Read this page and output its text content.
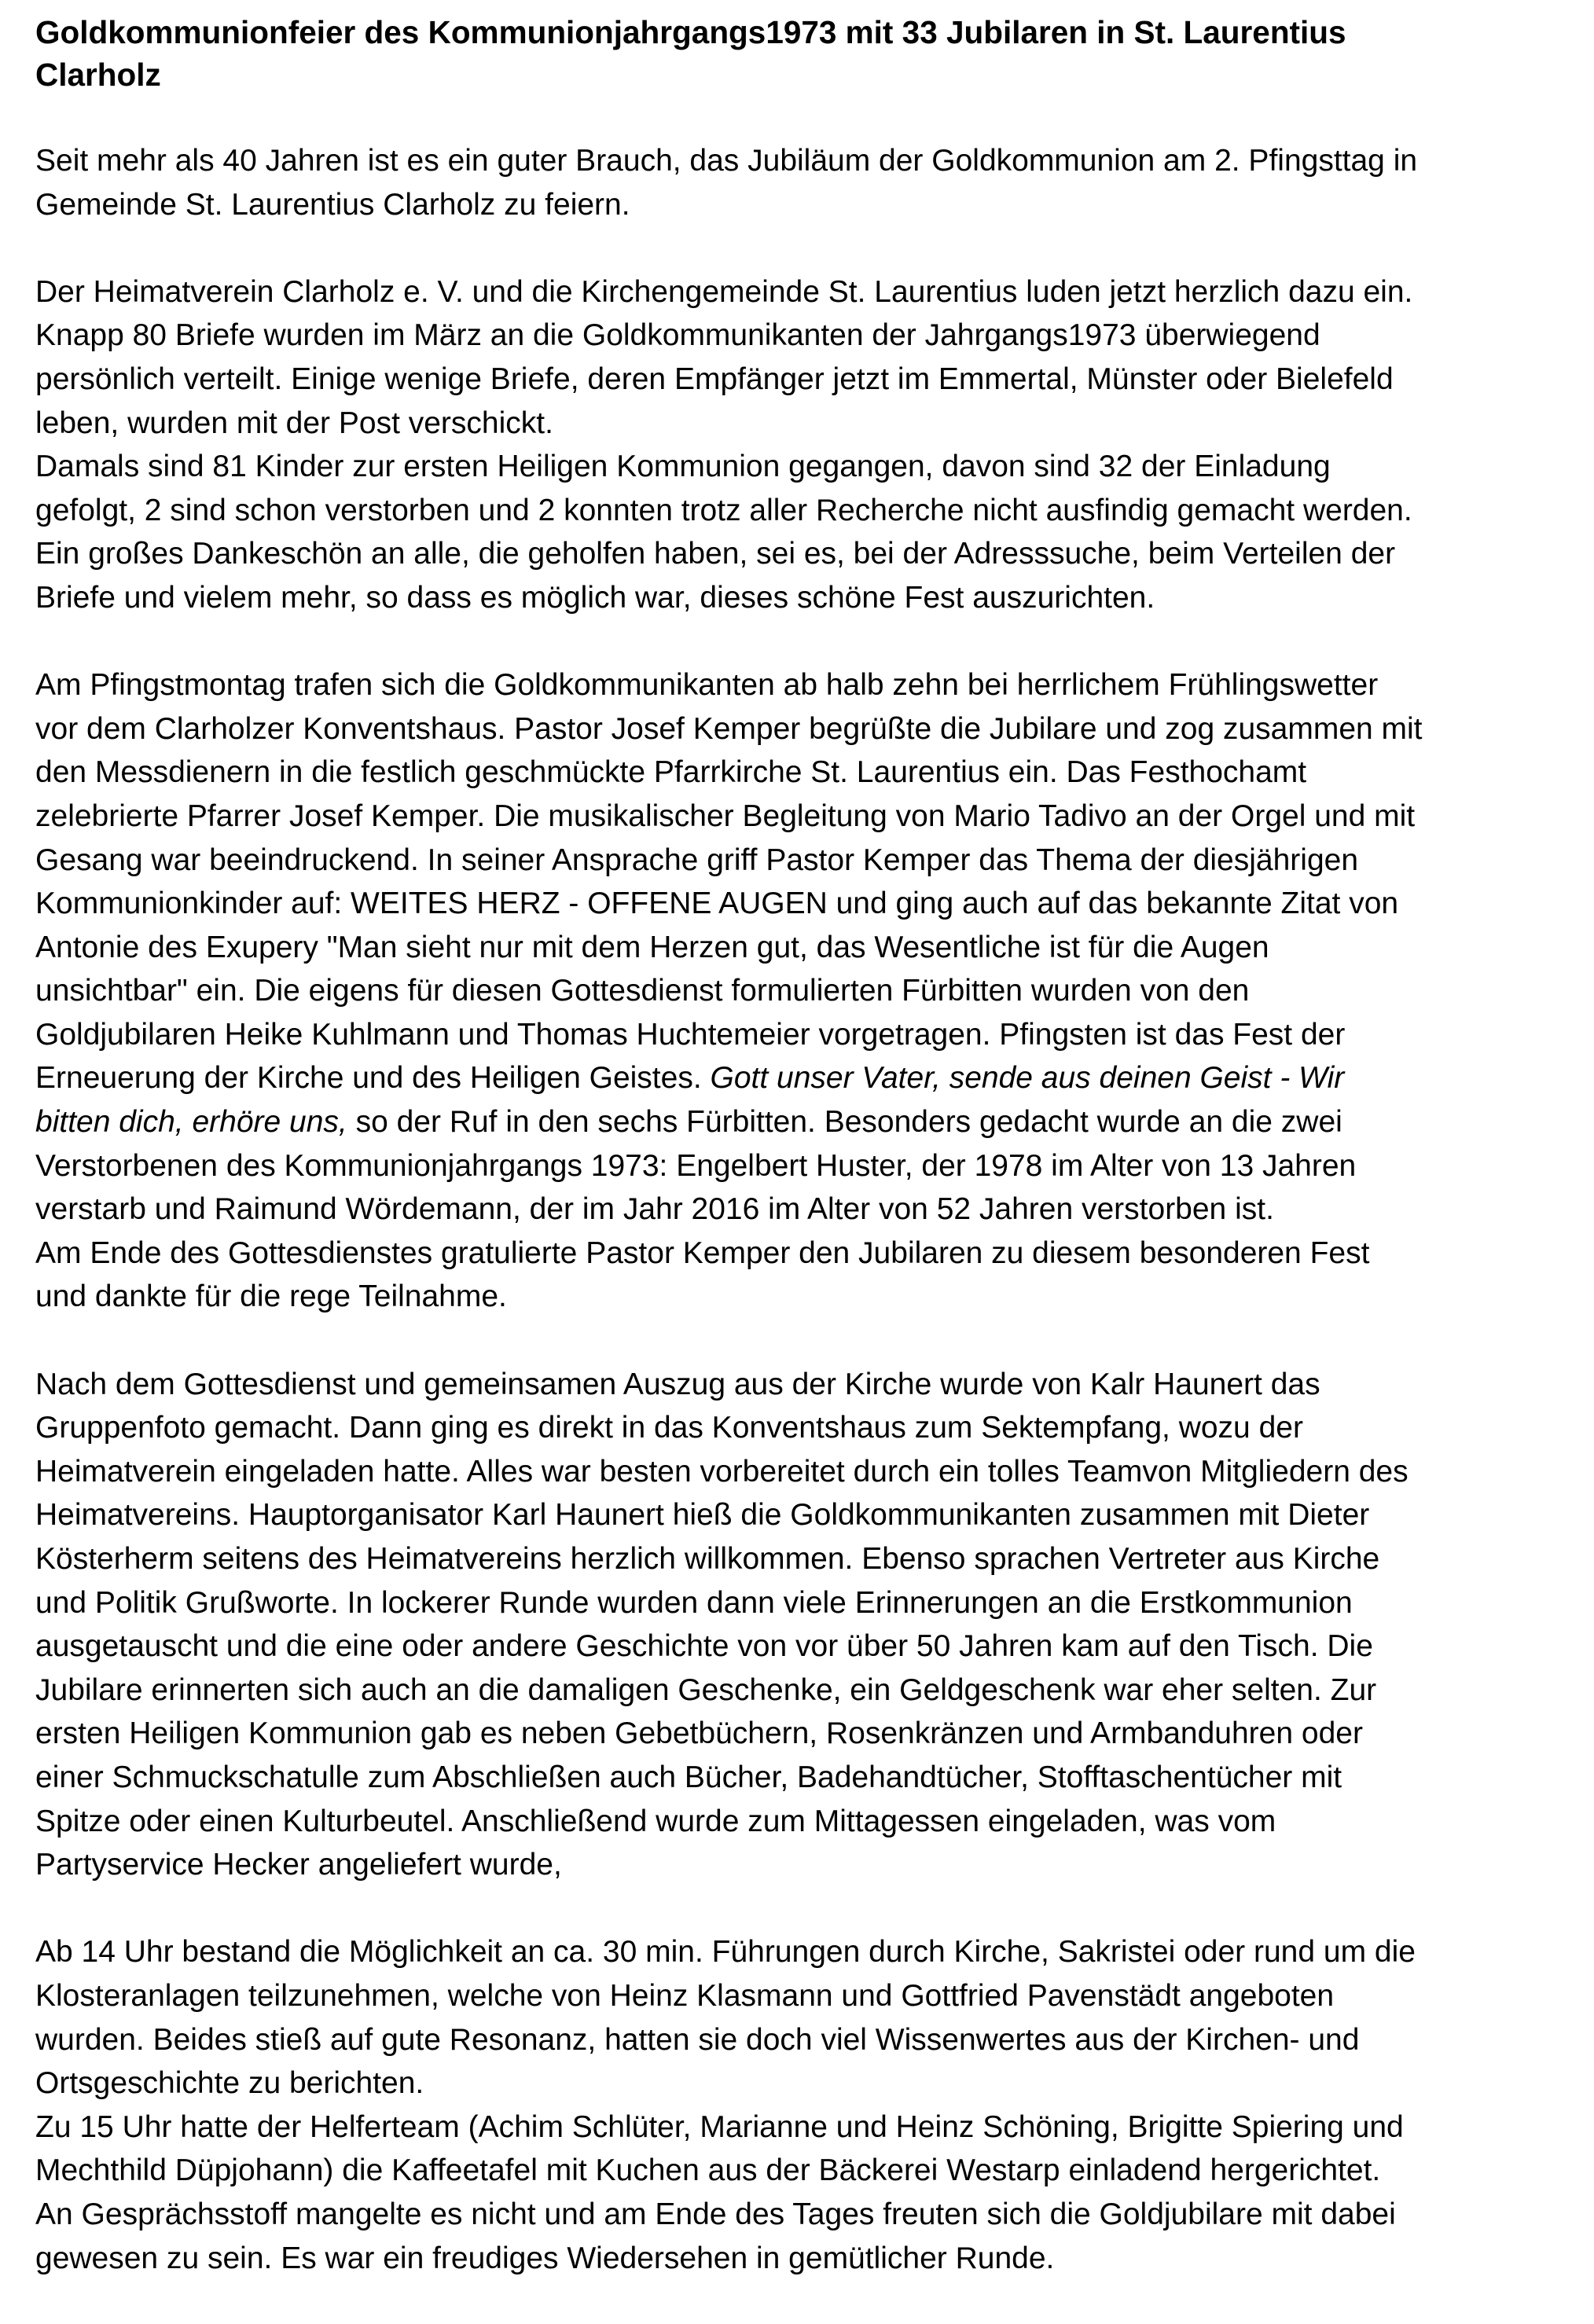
Goldkommunionfeier des Kommunionjahrgangs1973 mit 33 Jubilaren in St. Laurentius
Clarholz

Seit mehr als 40 Jahren ist es ein guter Brauch, das Jubiläum der Goldkommunion am 2. Pfingsttag in
Gemeinde St. Laurentius Clarholz zu feiern.

Der Heimatverein Clarholz e. V. und die Kirchengemeinde St. Laurentius luden jetzt herzlich dazu ein.
Knapp 80 Briefe wurden im März an die Goldkommunikanten der Jahrgangs1973 überwiegend
persönlich verteilt. Einige wenige Briefe, deren Empfänger jetzt im Emmertal, Münster oder Bielefeld
leben, wurden mit der Post verschickt.
Damals sind 81 Kinder zur ersten Heiligen Kommunion gegangen, davon sind 32 der Einladung
gefolgt, 2 sind schon verstorben und 2 konnten trotz aller Recherche nicht ausfindig gemacht werden.
Ein großes Dankeschön an alle, die geholfen haben, sei es, bei der Adresssuche, beim Verteilen der
Briefe und vielem mehr, so dass es möglich war, dieses schöne Fest auszurichten.

Am Pfingstmontag trafen sich die Goldkommunikanten ab halb zehn bei herrlichem Frühlingswetter
vor dem Clarholzer Konventshaus. Pastor Josef Kemper begrüßte die Jubilare und zog zusammen mit
den Messdienern in die festlich geschmückte Pfarrkirche St. Laurentius ein. Das Festhochamt
zelebrierte Pfarrer Josef Kemper. Die musikalischer Begleitung von Mario Tadivo an der Orgel und mit
Gesang war beeindruckend. In seiner Ansprache griff Pastor Kemper das Thema der diesjährigen
Kommunionkinder auf: WEITES HERZ - OFFENE AUGEN und ging auch auf das bekannte Zitat von
Antonie des Exupery "Man sieht nur mit dem Herzen gut, das Wesentliche ist für die Augen
unsichtbar" ein. Die eigens für diesen Gottesdienst formulierten Fürbitten wurden von den
Goldjubilaren Heike Kuhlmann und Thomas Huchtemeier vorgetragen. Pfingsten ist das Fest der
Erneuerung der Kirche und des Heiligen Geistes. Gott unser Vater, sende aus deinen Geist - Wir
bitten dich, erhöre uns, so der Ruf in den sechs Fürbitten. Besonders gedacht wurde an die zwei
Verstorbenen des Kommunionjahrgangs 1973: Engelbert Huster, der 1978 im Alter von 13 Jahren
verstarb und Raimund Wördemann, der im Jahr 2016 im Alter von 52 Jahren verstorben ist.
Am Ende des Gottesdienstes gratulierte Pastor Kemper den Jubilaren zu diesem besonderen Fest
und dankte für die rege Teilnahme.

Nach dem Gottesdienst und gemeinsamen Auszug aus der Kirche wurde von Kalr Haunert das
Gruppenfoto gemacht. Dann ging es direkt in das Konventshaus zum Sektempfang, wozu der
Heimatverein eingeladen hatte. Alles war besten vorbereitet durch ein tolles Teamvon Mitgliedern des
Heimatvereins. Hauptorganisator Karl Haunert hieß die Goldkommunikanten zusammen mit Dieter
Kösterherm seitens des Heimatvereins herzlich willkommen. Ebenso sprachen Vertreter aus Kirche
und Politik Grußworte. In lockerer Runde wurden dann viele Erinnerungen an die Erstkommunion
ausgetauscht und die eine oder andere Geschichte von vor über 50 Jahren kam auf den Tisch. Die
Jubilare erinnerten sich auch an die damaligen Geschenke, ein Geldgeschenk war eher selten. Zur
ersten Heiligen Kommunion gab es neben Gebetbüchern, Rosenkränzen und Armbanduhren oder
einer Schmuckschatulle zum Abschließen auch Bücher, Badehandtücher, Stofftaschentücher mit
Spitze oder einen Kulturbeutel. Anschließend wurde zum Mittagessen eingeladen, was vom
Partyservice Hecker angeliefert wurde,

Ab 14 Uhr bestand die Möglichkeit an ca. 30 min. Führungen durch Kirche, Sakristei oder rund um die
Klosteranlagen teilzunehmen, welche von Heinz Klasmann und Gottfried Pavenstädt angeboten
wurden. Beides stieß auf gute Resonanz, hatten sie doch viel Wissenwertes aus der Kirchen- und
Ortsgeschichte zu berichten.
Zu 15 Uhr hatte der Helferteam (Achim Schlüter, Marianne und Heinz Schöning, Brigitte Spiering und
Mechthild Düpjohann) die Kaffeetafel mit Kuchen aus der Bäckerei Westarp einladend hergerichtet.
An Gesprächsstoff mangelte es nicht und am Ende des Tages freuten sich die Goldjubilare mit dabei
gewesen zu sein. Es war ein freudiges Wiedersehen in gemütlicher Runde.
